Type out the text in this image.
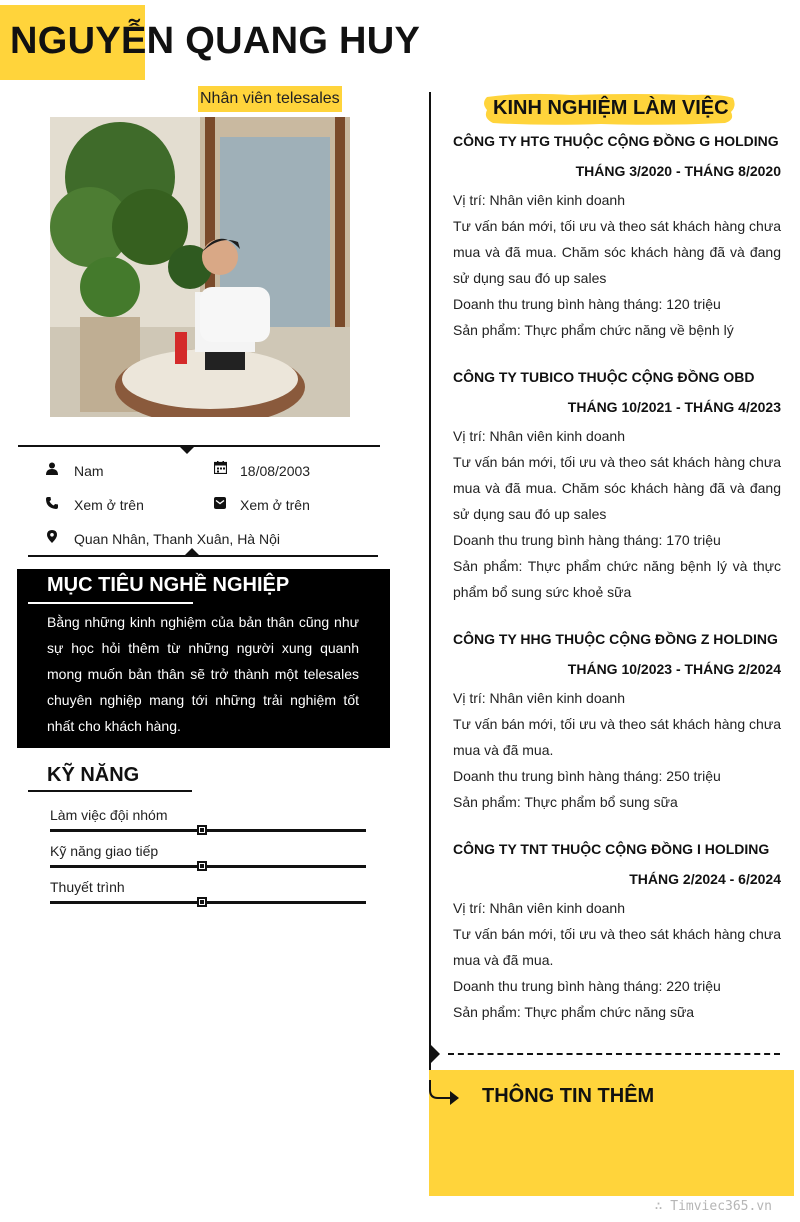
NGUYỄN QUANG HUY
Nhân viên telesales
Nam	18/08/2003
Xem ở trên	Xem ở trên
Quan Nhân, Thanh Xuân, Hà Nội
MỤC TIÊU NGHỀ NGHIỆP
Bằng những kinh nghiệm của bản thân cũng như sự học hỏi thêm từ những người xung quanh mong muốn bản thân sẽ trở thành một telesales chuyên nghiệp mang tới những trải nghiệm tốt nhất cho khách hàng.
KỸ NĂNG
Làm việc đội nhóm
Kỹ năng giao tiếp
Thuyết trình
KINH NGHIỆM LÀM VIỆC
CÔNG TY HTG THUỘC CỘNG ĐỒNG G HOLDING
THÁNG 3/2020 - THÁNG 8/2020
Vị trí: Nhân viên kinh doanh
Tư vấn bán mới, tối ưu và theo sát khách hàng chưa mua và đã mua. Chăm sóc khách hàng đã và đang sử dụng sau đó up sales
Doanh thu trung bình hàng tháng: 120 triệu
Sản phẩm: Thực phẩm chức năng về bệnh lý
CÔNG TY TUBICO THUỘC CỘNG ĐỒNG OBD
THÁNG 10/2021 - THÁNG 4/2023
Vị trí: Nhân viên kinh doanh
Tư vấn bán mới, tối ưu và theo sát khách hàng chưa mua và đã mua. Chăm sóc khách hàng đã và đang sử dụng sau đó up sales
Doanh thu trung bình hàng tháng: 170 triệu
Sản phẩm: Thực phẩm chức năng bệnh lý và thực phẩm bổ sung sức khoẻ sữa
CÔNG TY HHG THUỘC CỘNG ĐỒNG Z HOLDING
THÁNG 10/2023 - THÁNG 2/2024
Vị trí: Nhân viên kinh doanh
Tư vấn bán mới, tối ưu và theo sát khách hàng chưa mua và đã mua.
Doanh thu trung bình hàng tháng: 250 triệu
Sản phẩm: Thực phẩm bổ sung sữa
CÔNG TY TNT THUỘC CỘNG ĐỒNG I HOLDING
THÁNG 2/2024 - 6/2024
Vị trí: Nhân viên kinh doanh
Tư vấn bán mới, tối ưu và theo sát khách hàng chưa mua và đã mua.
Doanh thu trung bình hàng tháng: 220 triệu
Sản phẩm: Thực phẩm chức năng sữa
THÔNG TIN THÊM
∴ Timviec365.vn
